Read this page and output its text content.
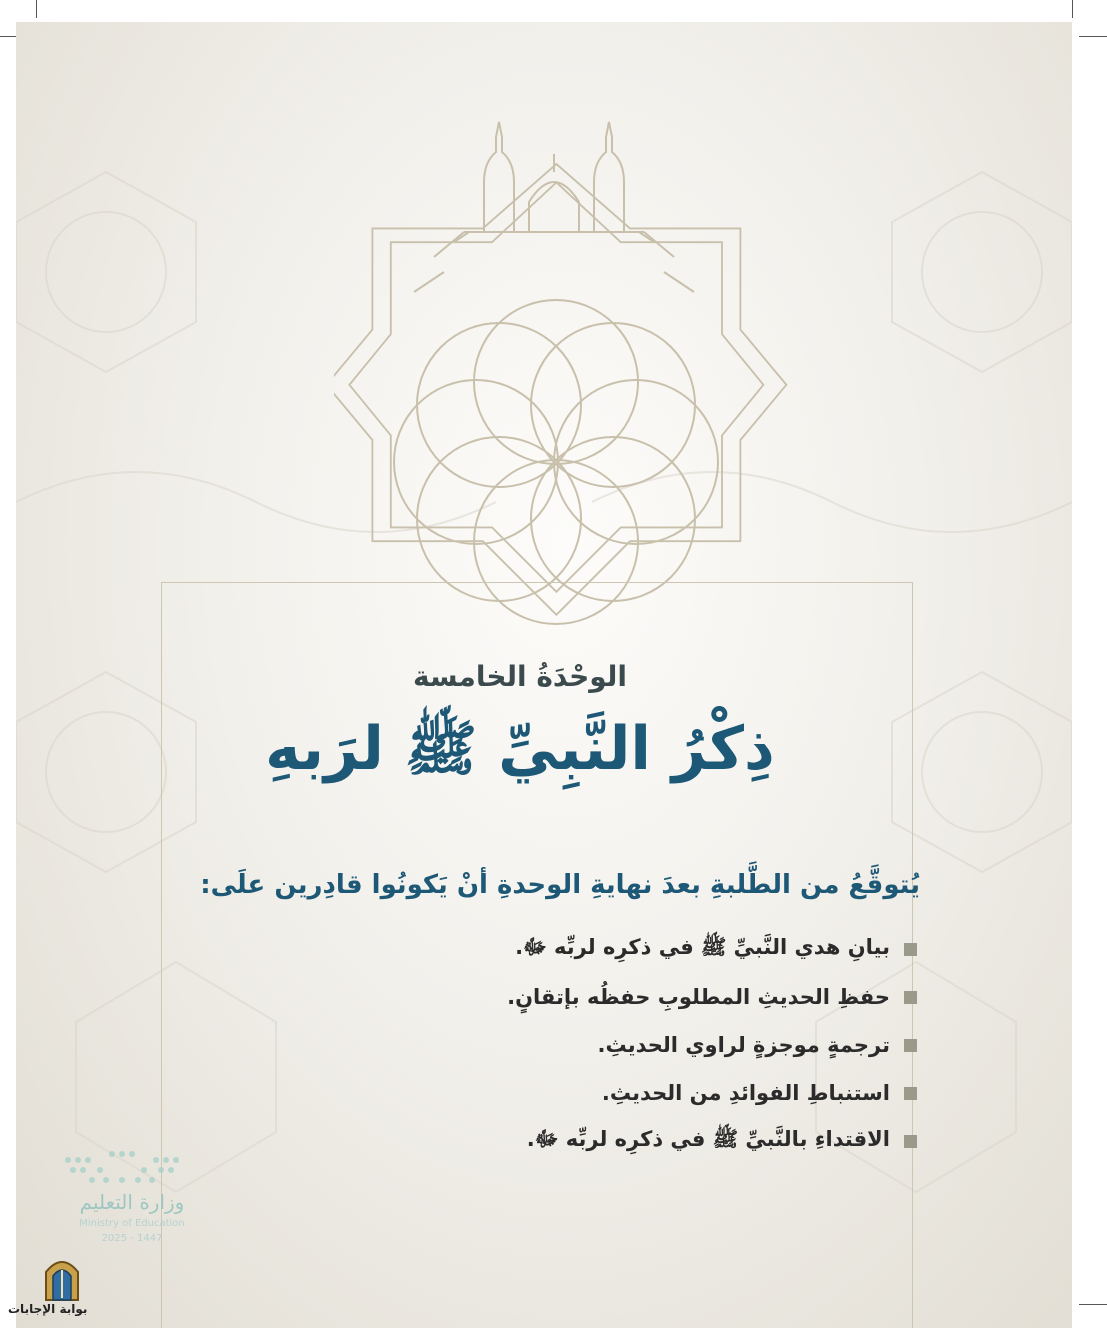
الوحْدَةُ الخامسة
ذِكْرُ النَّبِيِّ ﷺ لرَبهِ
يُتوقَّعُ من الطَّلبةِ بعدَ نهايةِ الوحدةِ أنْ يَكونُوا قادِرين علَى:
بيانِ هدي النَّبيِّ ﷺ في ذكرِه لربِّه ﷻ.
حفظِ الحديثِ المطلوبِ حفظُه بإتقانٍ.
ترجمةٍ موجزةٍ لراوي الحديثِ.
استنباطِ الفوائدِ من الحديثِ.
الاقتداءِ بالنَّبيِّ ﷺ في ذكرِه لربِّه ﷻ.
وزارة التعليم
Ministry of Education
2025 - 1447
بوابة الإجابات
